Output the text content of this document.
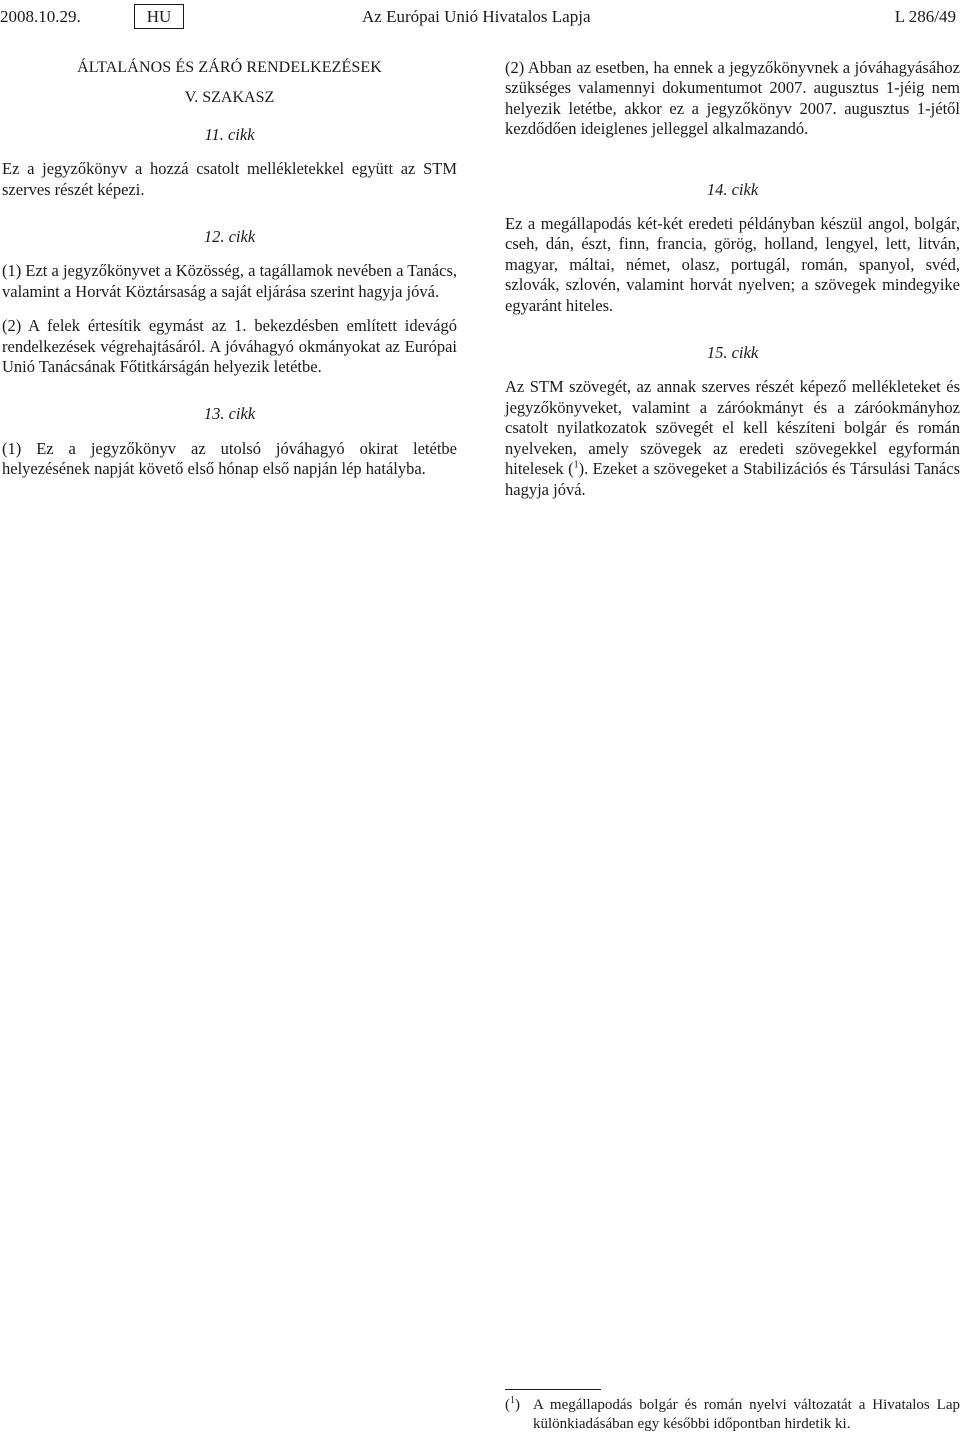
2008.10.29.	HU	Az Európai Unió Hivatalos Lapja	L 286/49
ÁLTALÁNOS ÉS ZÁRÓ RENDELKEZÉSEK

V. SZAKASZ

11. cikk

Ez a jegyzőkönyv a hozzá csatolt mellékletekkel együtt az STM szerves részét képezi.

12. cikk

(1) Ezt a jegyzőkönyvet a Közösség, a tagállamok nevében a Tanács, valamint a Horvát Köztársaság a saját eljárása szerint hagyja jóvá.

(2) A felek értesítik egymást az 1. bekezdésben említett idevágó rendelkezések végrehajtásáról. A jóváhagyó okmányokat az Európai Unió Tanácsának Főtitkárságán helyezik letétbe.

13. cikk

(1) Ez a jegyzőkönyv az utolsó jóváhagyó okirat letétbe helyezésének napját követő első hónap első napján lép hatályba.

(2) Abban az esetben, ha ennek a jegyzőkönyvnek a jóváhagyásához szükséges valamennyi dokumentumot 2007. augusztus 1-jéig nem helyezik letétbe, akkor ez a jegyzőkönyv 2007. augusztus 1-jétől kezdődően ideiglenes jelleggel alkalmazandó.

14. cikk

Ez a megállapodás két-két eredeti példányban készül angol, bolgár, cseh, dán, észt, finn, francia, görög, holland, lengyel, lett, litván, magyar, máltai, német, olasz, portugál, román, spanyol, svéd, szlovák, szlovén, valamint horvát nyelven; a szövegek mindegyike egyaránt hiteles.

15. cikk

Az STM szövegét, az annak szerves részét képező mellékleteket és jegyzőkönyveket, valamint a záróokmányt és a záróokmányhoz csatolt nyilatkozatok szövegét el kell készíteni bolgár és román nyelveken, amely szövegek az eredeti szövegekkel egyformán hitelesek ($^1$). Ezeket a szövegeket a Stabilizációs és Társulási Tanács hagyja jóvá.

($^1$) A megállapodás bolgár és román nyelvi változatát a Hivatalos Lap különkiadásában egy későbbi időpontban hirdetik ki.
